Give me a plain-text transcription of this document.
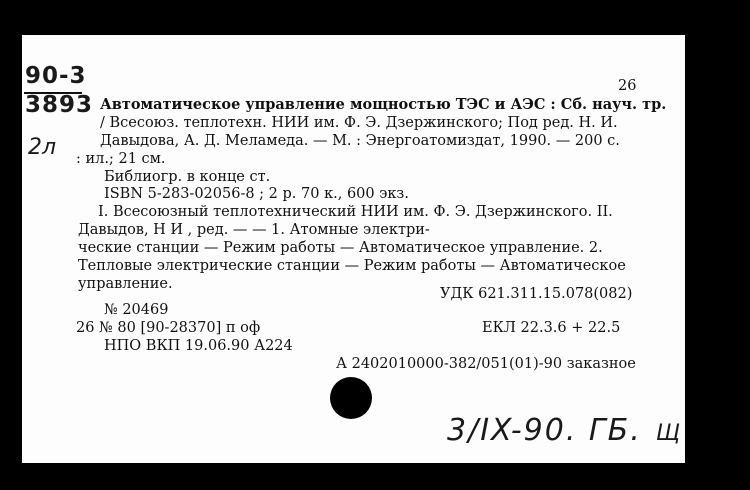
90-3
3893
2л
26
Автоматическое управление мощностью ТЭС и АЭС : Сб. науч. тр.
/ Всесоюз. теплотехн. НИИ им. Ф. Э. Дзержинского; Под ред. Н. И.
Давыдова, А. Д. Меламеда. — М. : Энергоатомиздат, 1990. — 200 с.
: ил.; 21 см.
Библиогр. в конце ст.
ISBN 5-283-02056-8 ; 2 р. 70 к., 600 экз.
I. Всесоюзный теплотехнический НИИ им. Ф. Э. Дзержинского. II.
Давыдов, Н И , ред. — — 1. Атомные электри-
ческие станции — Режим работы — Автоматическое управление. 2.
Тепловые электрические станции — Режим работы — Автоматическое
управление.
УДК 621.311.15.078(082)
№ 20469
26 № 80 [90-28370] п оф	ЕКЛ 22.3.6 + 22.5
НПО ВКП 19.06.90 А224
А 2402010000-382/051(01)-90 заказное
3/IX-90. ГБ. Щ
